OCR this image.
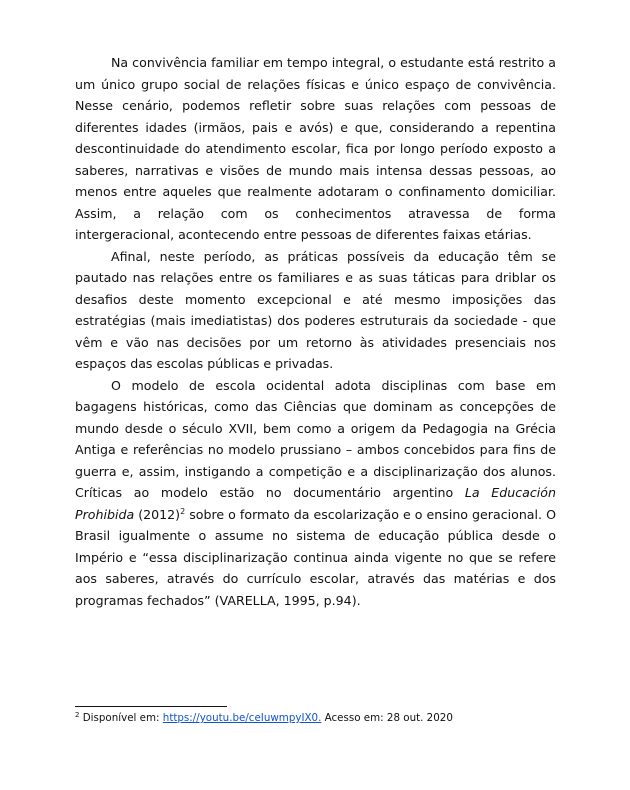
Na convivência familiar em tempo integral, o estudante está restrito a um único grupo social de relações físicas e único espaço de convivência. Nesse cenário, podemos refletir sobre suas relações com pessoas de diferentes idades (irmãos, pais e avós) e que, considerando a repentina descontinuidade do atendimento escolar, fica por longo período exposto a saberes, narrativas e visões de mundo mais intensa dessas pessoas, ao menos entre aqueles que realmente adotaram o confinamento domiciliar. Assim, a relação com os conhecimentos atravessa de forma intergeracional, acontecendo entre pessoas de diferentes faixas etárias.

Afinal, neste período, as práticas possíveis da educação têm se pautado nas relações entre os familiares e as suas táticas para driblar os desafios deste momento excepcional e até mesmo imposições das estratégias (mais imediatistas) dos poderes estruturais da sociedade - que vêm e vão nas decisões por um retorno às atividades presenciais nos espaços das escolas públicas e privadas.

O modelo de escola ocidental adota disciplinas com base em bagagens históricas, como das Ciências que dominam as concepções de mundo desde o século XVII, bem como a origem da Pedagogia na Grécia Antiga e referências no modelo prussiano – ambos concebidos para fins de guerra e, assim, instigando a competição e a disciplinarização dos alunos. Críticas ao modelo estão no documentário argentino La Educación Prohibida $(2012)^2$ sobre o formato da escolarização e o ensino geracional. O Brasil igualmente o assume no sistema de educação pública desde o Império e “essa disciplinarização continua ainda vigente no que se refere aos saberes, através do currículo escolar, através das matérias e dos programas fechados” (VARELLA, 1995, p.94).

$^2$ Disponível em: https://youtu.be/ceIuwmpyIX0. Acesso em: 28 out. 2020
